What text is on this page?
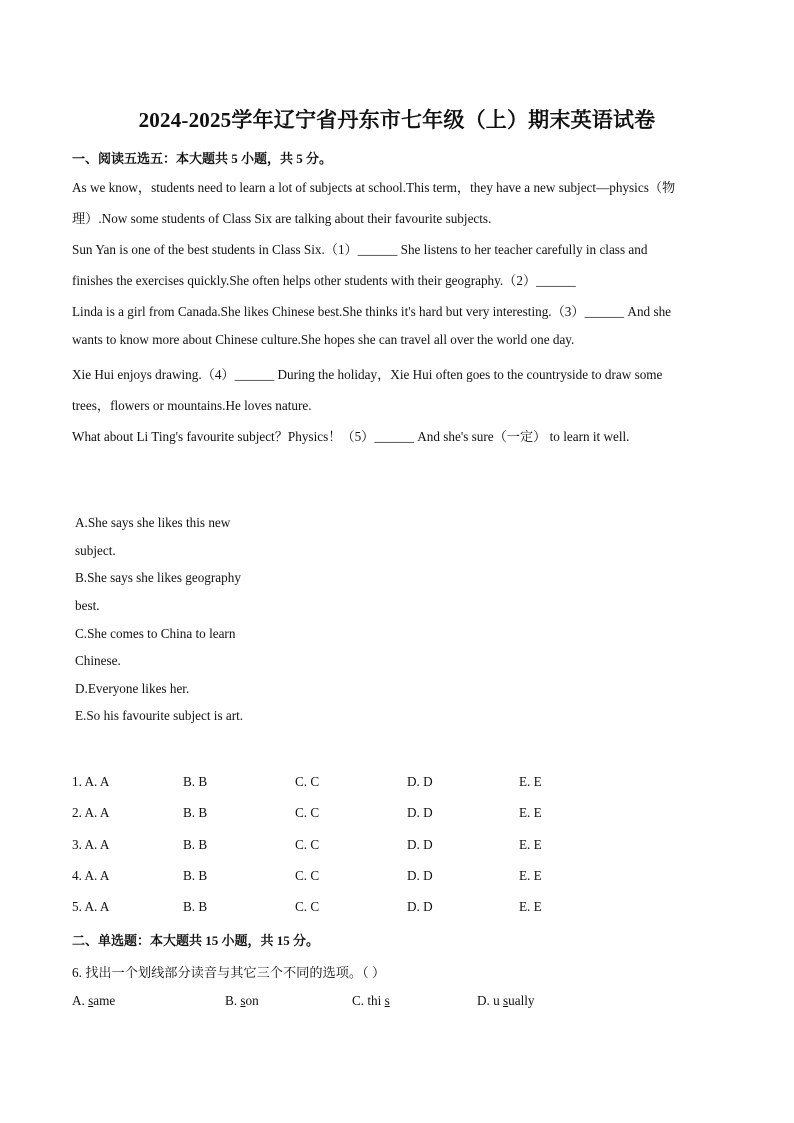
2024-2025学年辽宁省丹东市七年级（上）期末英语试卷
一、阅读五选五：本大题共 5 小题，共 5 分。
As we know，students need to learn a lot of subjects at school.This term，they have a new subject—physics（物
理）.Now some students of Class Six are talking about their favourite subjects.
Sun Yan is one of the best students in Class Six.（1）______ She listens to her teacher carefully in class and
finishes the exercises quickly.She often helps other students with their geography.（2）______
Linda is a girl from Canada.She likes Chinese best.She thinks it's hard but very interesting.（3）______ And she
wants to know more about Chinese culture.She hopes she can travel all over the world one day.
Xie Hui enjoys drawing.（4）______ During the holiday，Xie Hui often goes to the countryside to draw some
trees，flowers or mountains.He loves nature.
What about Li Ting's favourite subject？Physics！（5）______ And she's sure（一定） to learn it well.
A.She says she likes this new
subject.
B.She says she likes geography
best.
C.She comes to China to learn
Chinese.
D.Everyone likes her.
E.So his favourite subject is art.
1. A. A	B. B	C. C	D. D	E. E
2. A. A	B. B	C. C	D. D	E. E
3. A. A	B. B	C. C	D. D	E. E
4. A. A	B. B	C. C	D. D	E. E
5. A. A	B. B	C. C	D. D	E. E
二、单选题：本大题共 15 小题，共 15 分。
6. 找出一个划线部分读音与其它三个不同的选项。（ ）
A. same	B. son	C. thi s	D. u sually
